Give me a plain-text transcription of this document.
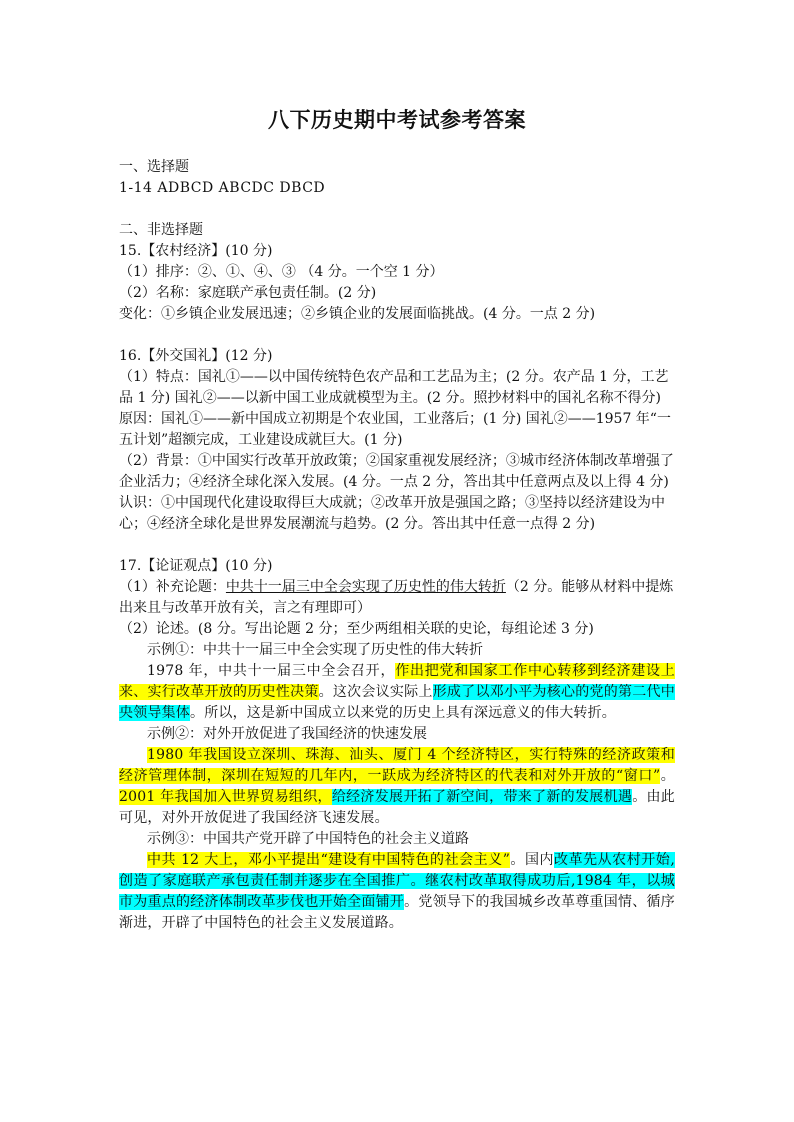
八下历史期中考试参考答案
一、选择题
1-14 ADBCD ABCDC DBCD
二、非选择题
15.【农村经济】(10 分)
（1）排序：②、①、④、③ （4 分。一个空 1 分）
（2）名称：家庭联产承包责任制。(2 分)
变化：①乡镇企业发展迅速；②乡镇企业的发展面临挑战。(4 分。一点 2 分)
16.【外交国礼】(12 分)
（1）特点：国礼①——以中国传统特色农产品和工艺品为主；(2 分。农产品 1 分，工艺品 1 分) 国礼②——以新中国工业成就模型为主。(2 分。照抄材料中的国礼名称不得分)
原因：国礼①——新中国成立初期是个农业国，工业落后；(1 分) 国礼②——1957 年“一五计划”超额完成，工业建设成就巨大。(1 分)
（2）背景：①中国实行改革开放政策；②国家重视发展经济；③城市经济体制改革增强了企业活力；④经济全球化深入发展。(4 分。一点 2 分，答出其中任意两点及以上得 4 分)
认识：①中国现代化建设取得巨大成就；②改革开放是强国之路；③坚持以经济建设为中心；④经济全球化是世界发展潮流与趋势。(2 分。答出其中任意一点得 2 分)
17.【论证观点】(10 分)
（1）补充论题：中共十一届三中全会实现了历史性的伟大转折（2 分。能够从材料中提炼出来且与改革开放有关，言之有理即可）
（2）论述。(8 分。写出论题 2 分；至少两组相关联的史论，每组论述 3 分)
示例①：中共十一届三中全会实现了历史性的伟大转折
1978 年，中共十一届三中全会召开，作出把党和国家工作中心转移到经济建设上来、实行改革开放的历史性决策。这次会议实际上形成了以邓小平为核心的党的第二代中央领导集体。所以，这是新中国成立以来党的历史上具有深远意义的伟大转折。
示例②：对外开放促进了我国经济的快速发展
1980 年我国设立深圳、珠海、汕头、厦门 4 个经济特区，实行特殊的经济政策和经济管理体制，深圳在短短的几年内，一跃成为经济特区的代表和对外开放的“窗口”。2001 年我国加入世界贸易组织，给经济发展开拓了新空间，带来了新的发展机遇。由此可见，对外开放促进了我国经济飞速发展。
示例③：中国共产党开辟了中国特色的社会主义道路
中共 12 大上，邓小平提出“建设有中国特色的社会主义”。国内改革先从农村开始,创造了家庭联产承包责任制并逐步在全国推广。继农村改革取得成功后,1984 年，以城市为重点的经济体制改革步伐也开始全面铺开。党领导下的我国城乡改革尊重国情、循序渐进，开辟了中国特色的社会主义发展道路。
